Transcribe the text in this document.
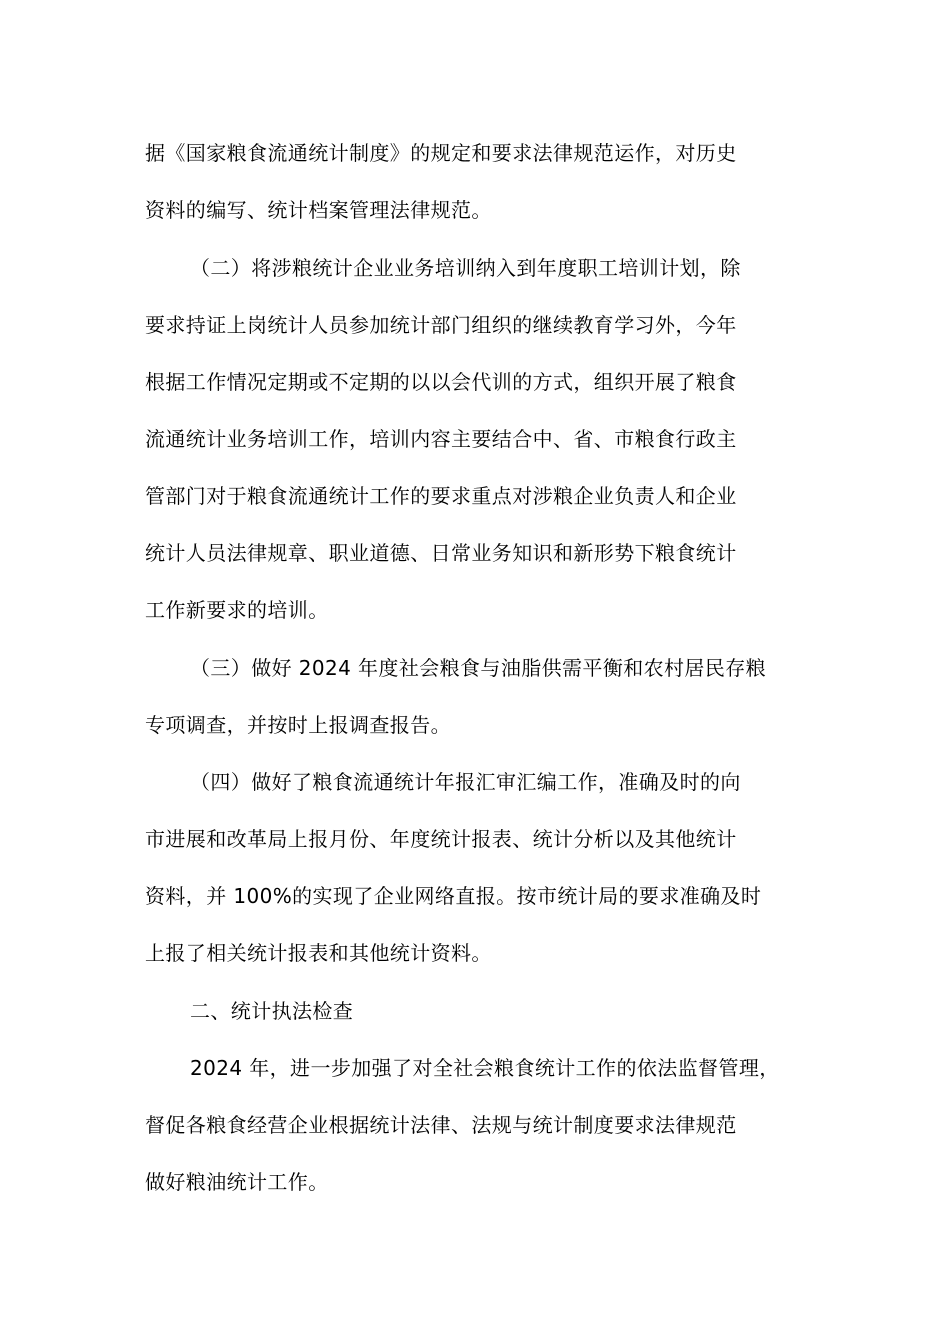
据《国家粮食流通统计制度》的规定和要求法律规范运作，对历史
资料的编写、统计档案管理法律规范。
（二）将涉粮统计企业业务培训纳入到年度职工培训计划，除
要求持证上岗统计人员参加统计部门组织的继续教育学习外，今年
根据工作情况定期或不定期的以以会代训的方式，组织开展了粮食
流通统计业务培训工作，培训内容主要结合中、省、市粮食行政主
管部门对于粮食流通统计工作的要求重点对涉粮企业负责人和企业
统计人员法律规章、职业道德、日常业务知识和新形势下粮食统计
工作新要求的培训。
（三）做好 2024 年度社会粮食与油脂供需平衡和农村居民存粮
专项调查，并按时上报调查报告。
（四）做好了粮食流通统计年报汇审汇编工作，准确及时的向
市进展和改革局上报月份、年度统计报表、统计分析以及其他统计
资料，并 100%的实现了企业网络直报。按市统计局的要求准确及时
上报了相关统计报表和其他统计资料。
二、统计执法检查
2024 年，进一步加强了对全社会粮食统计工作的依法监督管理，
督促各粮食经营企业根据统计法律、法规与统计制度要求法律规范
做好粮油统计工作。
